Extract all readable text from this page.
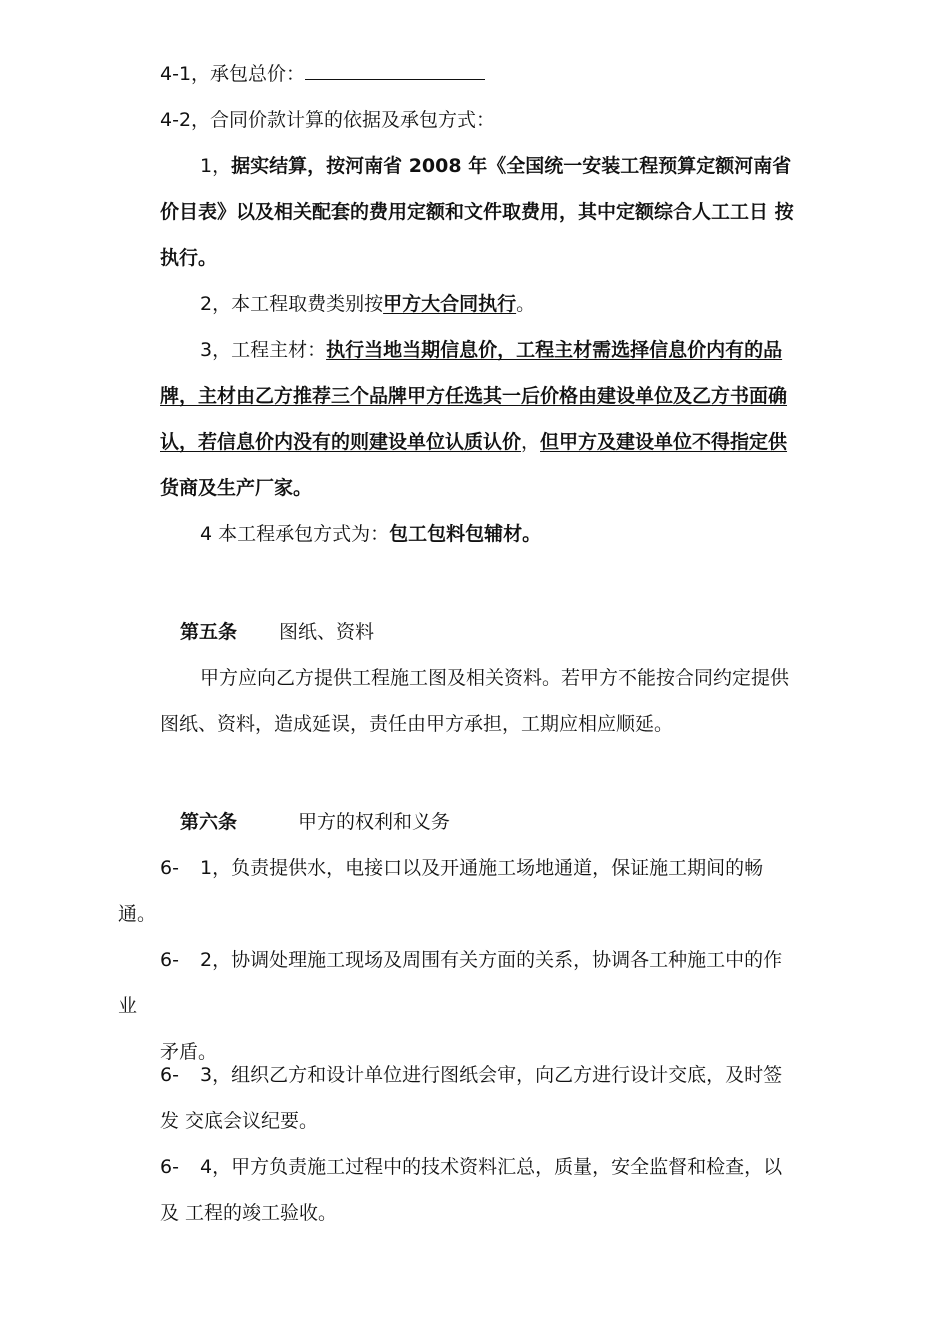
4-1，承包总价：
4-2，合同价款计算的依据及承包方式：
1，据实结算，按河南省 2008 年《全国统一安装工程预算定额河南省
价目表》以及相关配套的费用定额和文件取费用，其中定额综合人工工日 按
执行。
2，本工程取费类别按甲方大合同执行。
3，工程主材：执行当地当期信息价，工程主材需选择信息价内有的品
牌，主材由乙方推荐三个品牌甲方任选其一后价格由建设单位及乙方书面确
认，若信息价内没有的则建设单位认质认价，但甲方及建设单位不得指定供
货商及生产厂家。
4 本工程承包方式为：包工包料包辅材。
第五条 图纸、资料
甲方应向乙方提供工程施工图及相关资料。若甲方不能按合同约定提供
图纸、资料，造成延误，责任由甲方承担，工期应相应顺延。
第六条	甲方的权利和义务
6- 1，负责提供水，电接口以及开通施工场地通道，保证施工期间的畅
通。
6- 2，协调处理施工现场及周围有关方面的关系，协调各工种施工中的作
业
矛盾。
6- 3，组织乙方和设计单位进行图纸会审，向乙方进行设计交底，及时签
发 交底会议纪要。
6- 4，甲方负责施工过程中的技术资料汇总，质量，安全监督和检查，以
及 工程的竣工验收。
